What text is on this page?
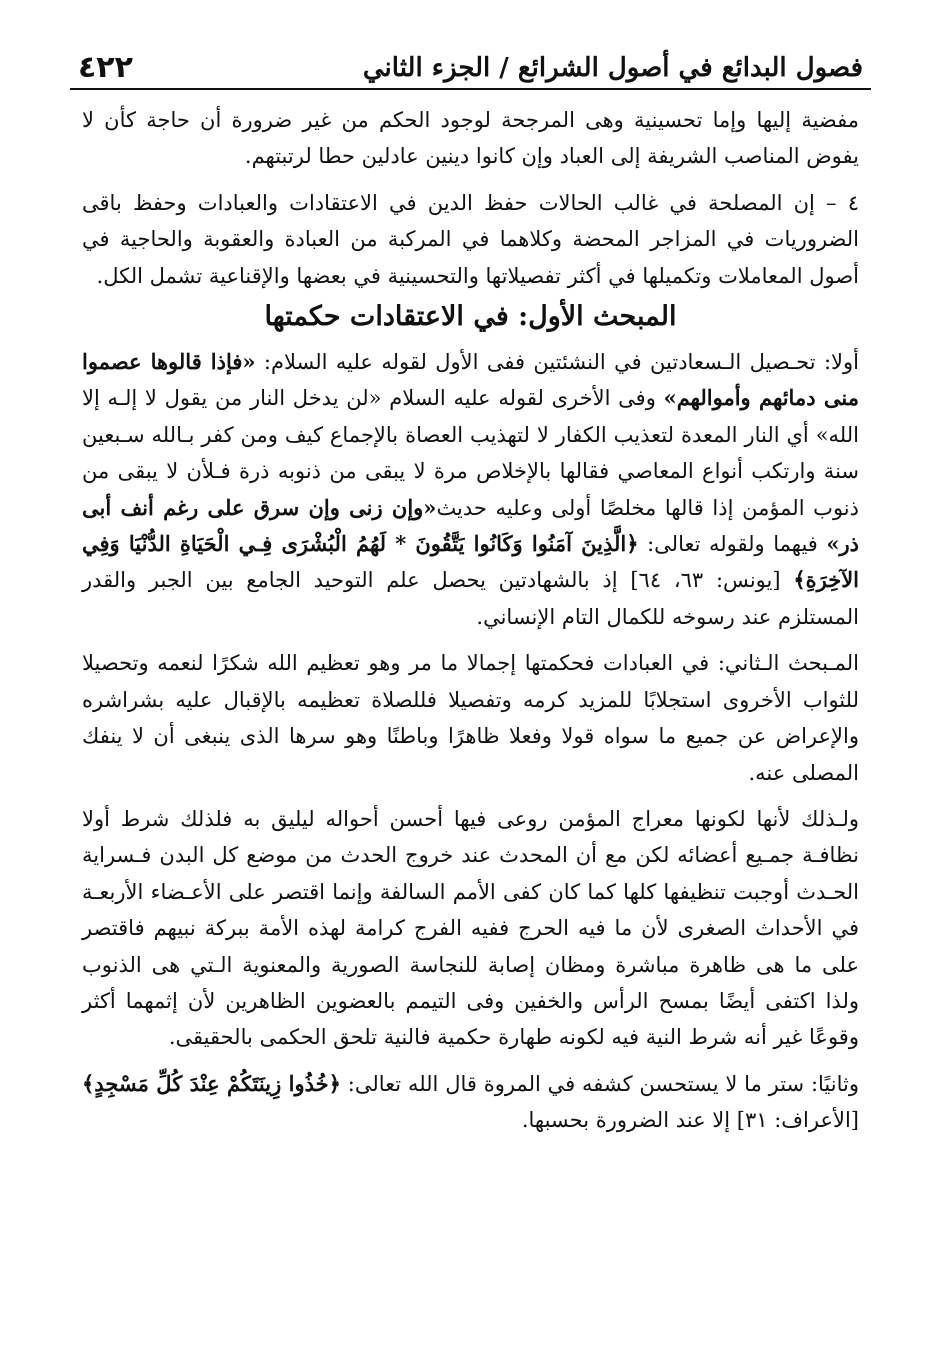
فصول البدائع في أصول الشرائع / الجزء الثاني
٤٢٢

مفضية إليها وإما تحسينية وهى المرجحة لوجود الحكم من غير ضرورة أن حاجة كأن لا يفوض المناصب الشريفة إلى العباد وإن كانوا دينين عادلين حطا لرتبتهم.

٤ – إن المصلحة في غالب الحالات حفظ الدين في الاعتقادات والعبادات وحفظ باقى الضروريات في المزاجر المحضة وكلاهما في المركبة من العبادة والعقوبة والحاجية في أصول المعاملات وتكميلها في أكثر تفصيلاتها والتحسينية في بعضها والإقناعية تشمل الكل.

المبحث الأول: في الاعتقادات حكمتها

أولا: تحـصيل الـسعادتين في النشئتين ففى الأول لقوله عليه السلام: «فإذا قالوها عصموا منى دمائهم وأموالهم» وفى الأخرى لقوله عليه السلام «لن يدخل النار من يقول لا إلـه إلا الله» أي النار المعدة لتعذيب الكفار لا لتهذيب العصاة بالإجماع كيف ومن كفر بـالله سـبعين سنة وارتكب أنواع المعاصي فقالها بالإخلاص مرة لا يبقى من ذنوبه ذرة فـلأن لا يبقى من ذنوب المؤمن إذا قالها مخلصًا أولى وعليه حديث«وإن زنى وإن سرق على رغم أنف أبى ذر» فيهما ولقوله تعالى: ﴿الَّذِينَ آمَنُوا وَكَانُوا يَتَّقُونَ * لَهُمُ الْبُشْرَى فِـي الْحَيَاةِ الدُّنْيَا وَفِي الآخِرَةِ﴾ [يونس: ٦٣، ٦٤] إذ بالشهادتين يحصل علم التوحيد الجامع بين الجبر والقدر المستلزم عند رسوخه للكمال التام الإنساني.

المـبحث الـثاني: في العبادات فحكمتها إجمالا ما مر وهو تعظيم الله شكرًا لنعمه وتحصيلا للثواب الأخروى استجلابًا للمزيد كرمه وتفصيلا فللصلاة تعظيمه بالإقبال عليه بشراشره والإعراض عن جميع ما سواه قولا وفعلا ظاهرًا وباطنًا وهو سرها الذى ينبغى أن لا ينفك المصلى عنه.

ولـذلك لأنها لكونها معراج المؤمن روعى فيها أحسن أحواله ليليق به فلذلك شرط أولا نظافـة جمـيع أعضائه لكن مع أن المحدث عند خروج الحدث من موضع كل البدن فـسراية الحـدث أوجبت تنظيفها كلها كما كان كفى الأمم السالفة وإنما اقتصر على الأعـضاء الأربعـة في الأحداث الصغرى لأن ما فيه الحرج ففيه الفرج كرامة لهذه الأمة ببركة نبيهم فاقتصر على ما هى ظاهرة مباشرة ومظان إصابة للنجاسة الصورية والمعنوية الـتي هى الذنوب ولذا اكتفى أيضًا بمسح الرأس والخفين وفى التيمم بالعضوين الظاهرين لأن إثمهما أكثر وقوعًا غير أنه شرط النية فيه لكونه طهارة حكمية فالنية تلحق الحكمى بالحقيقى.

وثانيًا: ستر ما لا يستحسن كشفه في المروة قال الله تعالى: ﴿خُذُوا زِينَتَكُمْ عِنْدَ كُلِّ مَسْجِدٍ﴾ [الأعراف: ٣١] إلا عند الضرورة بحسبها.
